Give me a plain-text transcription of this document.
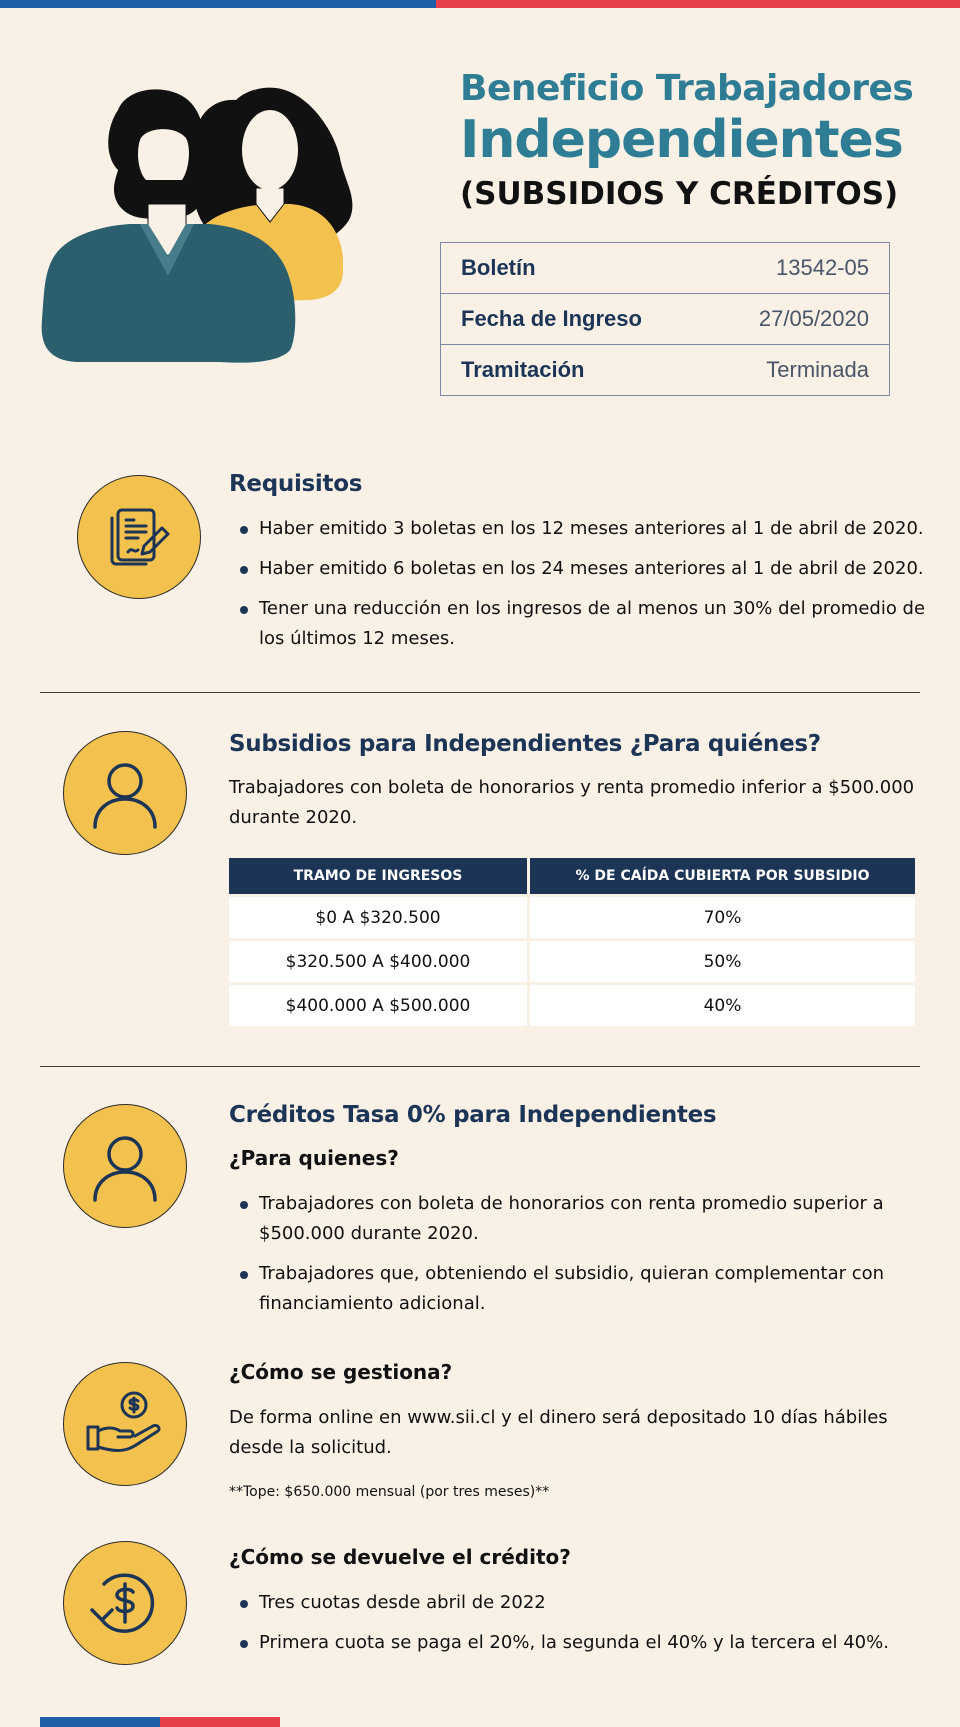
Beneficio Trabajadores
Independientes
(SUBSIDIOS Y CRÉDITOS)
Boletín	13542-05
Fecha de Ingreso	27/05/2020
Tramitación	Terminada
Requisitos
Haber emitido 3 boletas en los 12 meses anteriores al 1 de abril de 2020.
Haber emitido 6 boletas en los 24 meses anteriores al 1 de abril de 2020.
Tener una reducción en los ingresos de al menos un 30% del promedio de los últimos 12 meses.
Subsidios para Independientes ¿Para quiénes?

Trabajadores con boleta de honorarios y renta promedio inferior a $500.000 durante 2020.

TRAMO DE INGRESOS	% DE CAÍDA CUBIERTA POR SUBSIDIO
$0 A $320.500	70%
$320.500 A $400.000	50%
$400.000 A $500.000	40%
Créditos Tasa 0% para Independientes
¿Para quienes?
Trabajadores con boleta de honorarios con renta promedio superior a $500.000 durante 2020.
Trabajadores que, obteniendo el subsidio, quieran complementar con financiamiento adicional.
¿Cómo se gestiona?

De forma online en www.sii.cl y el dinero será depositado 10 días hábiles desde la solicitud.

**Tope: $650.000 mensual (por tres meses)**

¿Cómo se devuelve el crédito?
Tres cuotas desde abril de 2022
Primera cuota se paga el 20%, la segunda el 40% y la tercera el 40%.
